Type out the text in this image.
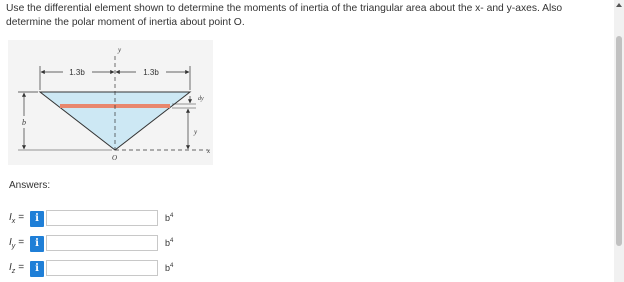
Use the differential element shown to determine the moments of inertia of the triangular area about the x- and y-axes. Also determine the polar moment of inertia about point O.
1.3b	1.3b
b
dy
y
y
x
O
Answers:
$I_x$ =	i	$b^4$
$I_y$ =	i	$b^4$
$I_z$ =	i	$b^4$
